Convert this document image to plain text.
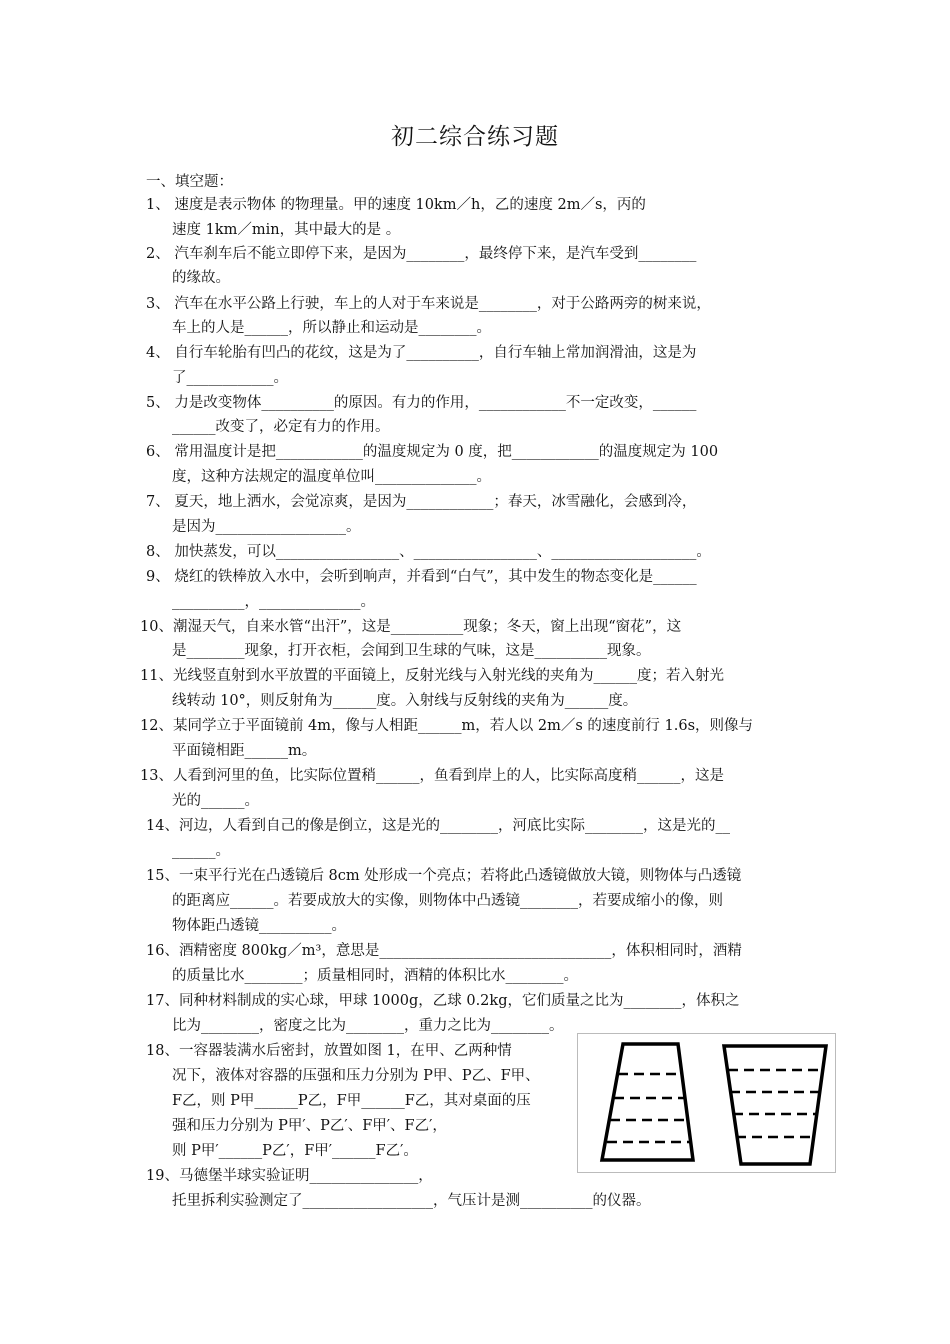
初二综合练习题
一、填空题：
1、 速度是表示物体 的物理量。甲的速度 10km／h，乙的速度 2m／s，丙的
速度 1km／min，其中最大的是 。
2、 汽车刹车后不能立即停下来，是因为________，最终停下来，是汽车受到________
的缘故。
3、 汽车在水平公路上行驶，车上的人对于车来说是________，对于公路两旁的树来说，
车上的人是______，所以静止和运动是________。
4、 自行车轮胎有凹凸的花纹，这是为了__________，自行车轴上常加润滑油，这是为
了____________。
5、 力是改变物体__________的原因。有力的作用，____________不一定改变，______
______改变了，必定有力的作用。
6、 常用温度计是把____________的温度规定为 0 度，把____________的温度规定为 100
度，这种方法规定的温度单位叫______________。
7、 夏天，地上洒水，会觉凉爽，是因为____________；春天，冰雪融化，会感到冷，
是因为__________________。
8、 加快蒸发，可以_________________、_________________、____________________。
9、 烧红的铁棒放入水中，会听到响声，并看到“白气”，其中发生的物态变化是______
__________，______________。
10、潮湿天气，自来水管“出汗”，这是__________现象；冬天，窗上出现“窗花”，这
是________现象，打开衣柜，会闻到卫生球的气味，这是__________现象。
11、光线竖直射到水平放置的平面镜上，反射光线与入射光线的夹角为______度；若入射光
线转动 10°，则反射角为______度。入射线与反射线的夹角为______度。
12、某同学立于平面镜前 4m，像与人相距______m，若人以 2m／s 的速度前行 1.6s，则像与
平面镜相距______m。
13、人看到河里的鱼，比实际位置稍______，鱼看到岸上的人，比实际高度稍______，这是
光的______。
14、河边，人看到自己的像是倒立，这是光的________，河底比实际________，这是光的__
______。
15、一束平行光在凸透镜后 8cm 处形成一个亮点；若将此凸透镜做放大镜，则物体与凸透镜
的距离应______。若要成放大的实像，则物体中凸透镜________，若要成缩小的像，则
物体距凸透镜__________。
16、酒精密度 800kg／m³，意思是________________________________，体积相同时，酒精
的质量比水________；质量相同时，酒精的体积比水________。
17、同种材料制成的实心球，甲球 1000g，乙球 0.2kg，它们质量之比为________，体积之
比为________，密度之比为________，重力之比为________。
18、一容器装满水后密封，放置如图 1，在甲、乙两种情
况下，液体对容器的压强和压力分别为 P甲、P乙、F甲、
F乙，则 P甲______P乙，F甲______F乙，其对桌面的压
强和压力分别为 P甲′、P乙′、F甲′、F乙′，
则 P甲′______P乙′，F甲′______F乙′。
19、马德堡半球实验证明_______________，
托里拆利实验测定了__________________，气压计是测__________的仪器。
